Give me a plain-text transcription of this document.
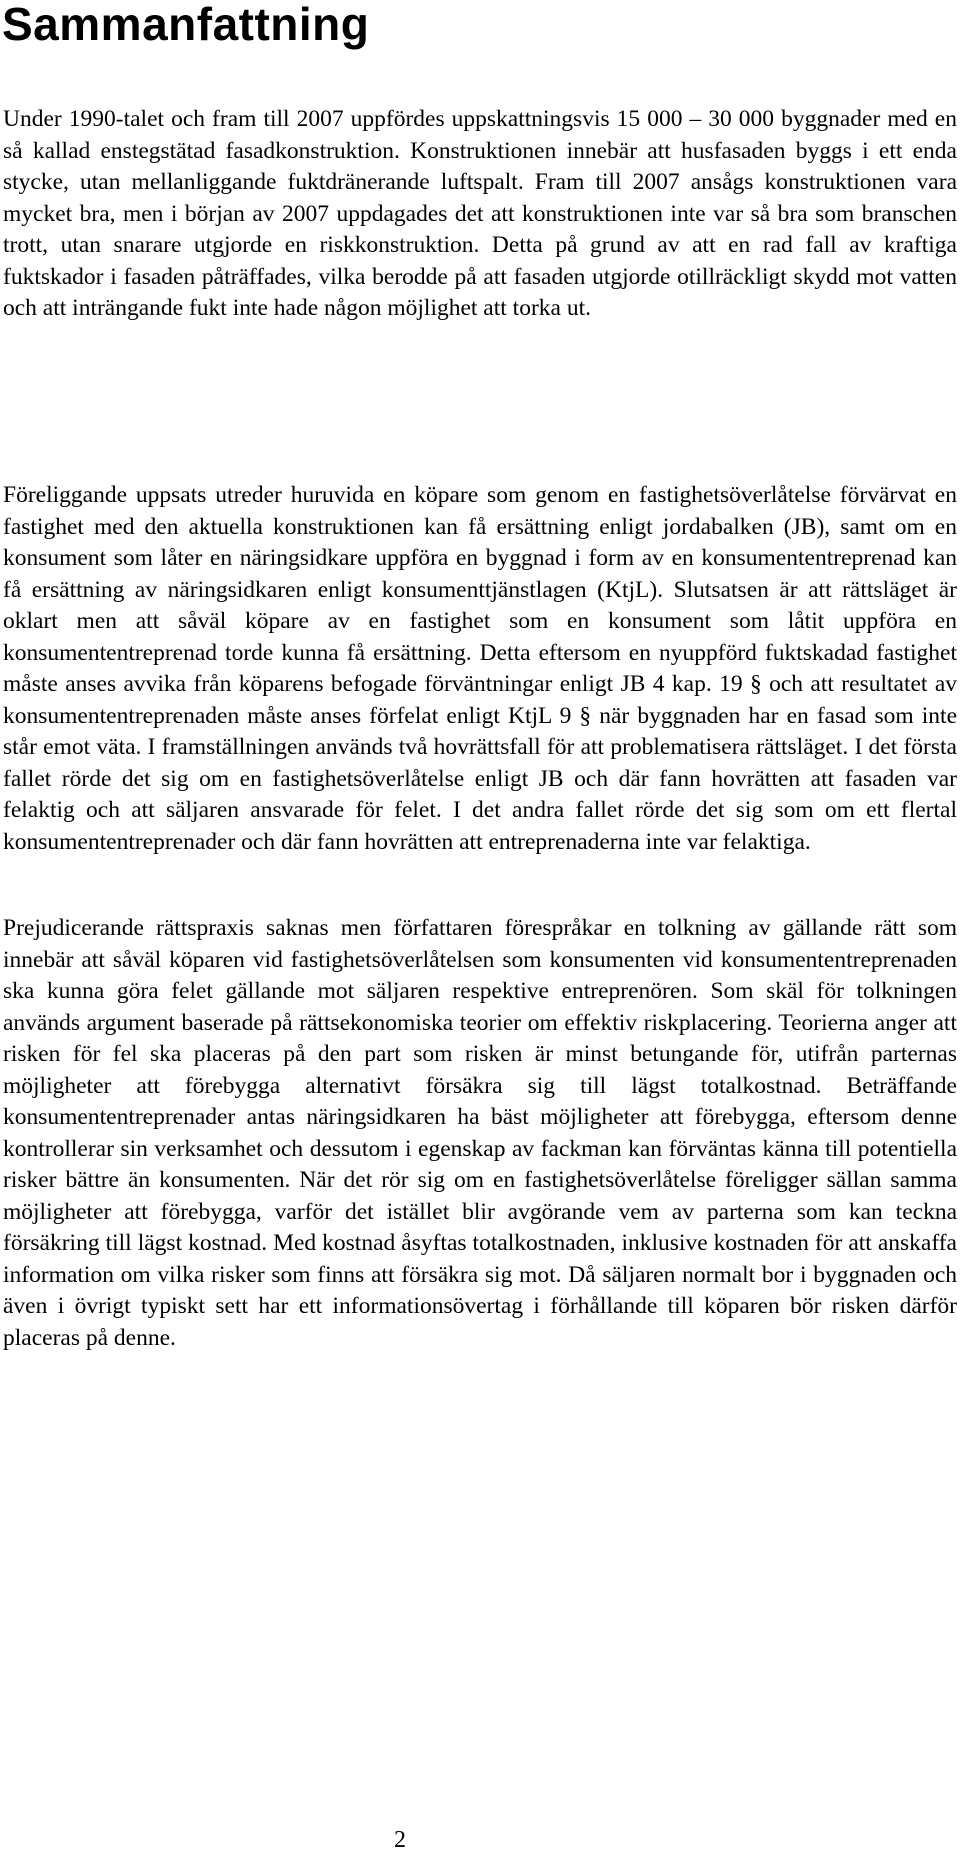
Sammanfattning

Under 1990-talet och fram till 2007 uppfördes uppskattningsvis 15 000 – 30 000 byggnader med en så kallad enstegstätad fasadkonstruktion. Konstruktionen innebär att husfasaden byggs i ett enda stycke, utan mellanliggande fuktdränerande luftspalt. Fram till 2007 ansågs konstruktionen vara mycket bra, men i början av 2007 uppdagades det att konstruktionen inte var så bra som branschen trott, utan snarare utgjorde en riskkonstruktion. Detta på grund av att en rad fall av kraftiga fuktskador i fasaden påträffades, vilka berodde på att fasaden utgjorde otillräckligt skydd mot vatten och att inträngande fukt inte hade någon möjlighet att torka ut.

Föreliggande uppsats utreder huruvida en köpare som genom en fastighetsöverlåtelse förvärvat en fastighet med den aktuella konstruktionen kan få ersättning enligt jordabalken (JB), samt om en konsument som låter en näringsidkare uppföra en byggnad i form av en konsumententreprenad kan få ersättning av näringsidkaren enligt konsumenttjänstlagen (KtjL). Slutsatsen är att rättsläget är oklart men att såväl köpare av en fastighet som en konsument som låtit uppföra en konsumententreprenad torde kunna få ersättning. Detta eftersom en nyuppförd fuktskadad fastighet måste anses avvika från köparens befogade förväntningar enligt JB 4 kap. 19 § och att resultatet av konsumententreprenaden måste anses förfelat enligt KtjL 9 § när byggnaden har en fasad som inte står emot väta. I framställningen används två hovrättsfall för att problematisera rättsläget. I det första fallet rörde det sig om en fastighetsöverlåtelse enligt JB och där fann hovrätten att fasaden var felaktig och att säljaren ansvarade för felet. I det andra fallet rörde det sig som om ett flertal konsumententreprenader och där fann hovrätten att entreprenaderna inte var felaktiga.

Prejudicerande rättspraxis saknas men författaren förespråkar en tolkning av gällande rätt som innebär att såväl köparen vid fastighetsöverlåtelsen som konsumenten vid konsumententreprenaden ska kunna göra felet gällande mot säljaren respektive entreprenören. Som skäl för tolkningen används argument baserade på rättsekonomiska teorier om effektiv riskplacering. Teorierna anger att risken för fel ska placeras på den part som risken är minst betungande för, utifrån parternas möjligheter att förebygga alternativt försäkra sig till lägst totalkostnad. Beträffande konsumententreprenader antas näringsidkaren ha bäst möjligheter att förebygga, eftersom denne kontrollerar sin verksamhet och dessutom i egenskap av fackman kan förväntas känna till potentiella risker bättre än konsumenten. När det rör sig om en fastighetsöverlåtelse föreligger sällan samma möjligheter att förebygga, varför det istället blir avgörande vem av parterna som kan teckna försäkring till lägst kostnad. Med kostnad åsyftas totalkostnaden, inklusive kostnaden för att anskaffa information om vilka risker som finns att försäkra sig mot. Då säljaren normalt bor i byggnaden och även i övrigt typiskt sett har ett informationsövertag i förhållande till köparen bör risken därför placeras på denne.

2
